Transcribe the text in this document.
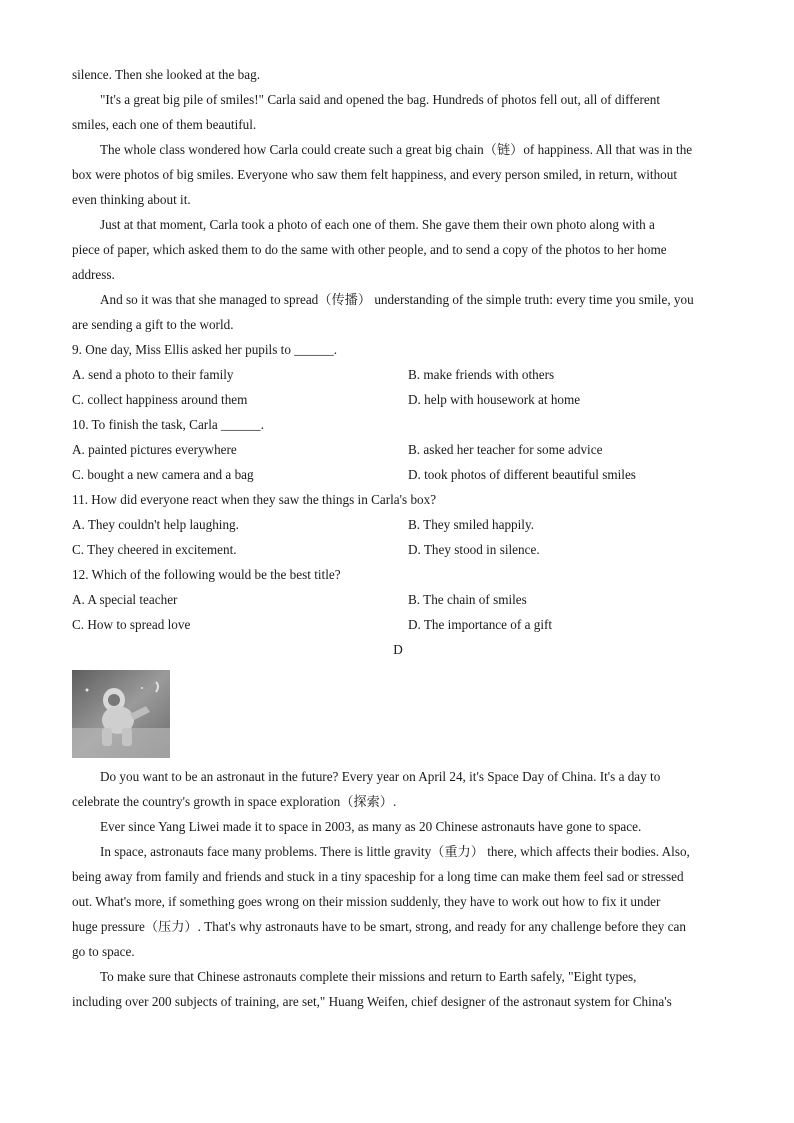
silence. Then she looked at the bag.
"It's a great big pile of smiles!" Carla said and opened the bag. Hundreds of photos fell out, all of different
smiles, each one of them beautiful.
The whole class wondered how Carla could create such a great big chain（链）of happiness. All that was in the
box were photos of big smiles. Everyone who saw them felt happiness, and every person smiled, in return, without
even thinking about it.
Just at that moment, Carla took a photo of each one of them. She gave them their own photo along with a
piece of paper, which asked them to do the same with other people, and to send a copy of the photos to her home
address.
And so it was that she managed to spread（传播） understanding of the simple truth: every time you smile, you
are sending a gift to the world.
9. One day, Miss Ellis asked her pupils to ______.
A. send a photo to their family	B. make friends with others
C. collect happiness around them	D. help with housework at home
10. To finish the task, Carla ______.
A. painted pictures everywhere	B. asked her teacher for some advice
C. bought a new camera and a bag	D. took photos of different beautiful smiles
11. How did everyone react when they saw the things in Carla's box?
A. They couldn't help laughing.	B. They smiled happily.
C. They cheered in excitement.	D. They stood in silence.
12. Which of the following would be the best title?
A. A special teacher	B. The chain of smiles
C. How to spread love	D. The importance of a gift
D
Do you want to be an astronaut in the future? Every year on April 24, it's Space Day of China. It's a day to
celebrate the country's growth in space exploration（探索）.
Ever since Yang Liwei made it to space in 2003, as many as 20 Chinese astronauts have gone to space.
In space, astronauts face many problems. There is little gravity（重力） there, which affects their bodies. Also,
being away from family and friends and stuck in a tiny spaceship for a long time can make them feel sad or stressed
out. What's more, if something goes wrong on their mission suddenly, they have to work out how to fix it under
huge pressure（压力）. That's why astronauts have to be smart, strong, and ready for any challenge before they can
go to space.
To make sure that Chinese astronauts complete their missions and return to Earth safely, "Eight types,
including over 200 subjects of training, are set," Huang Weifen, chief designer of the astronaut system for China's
